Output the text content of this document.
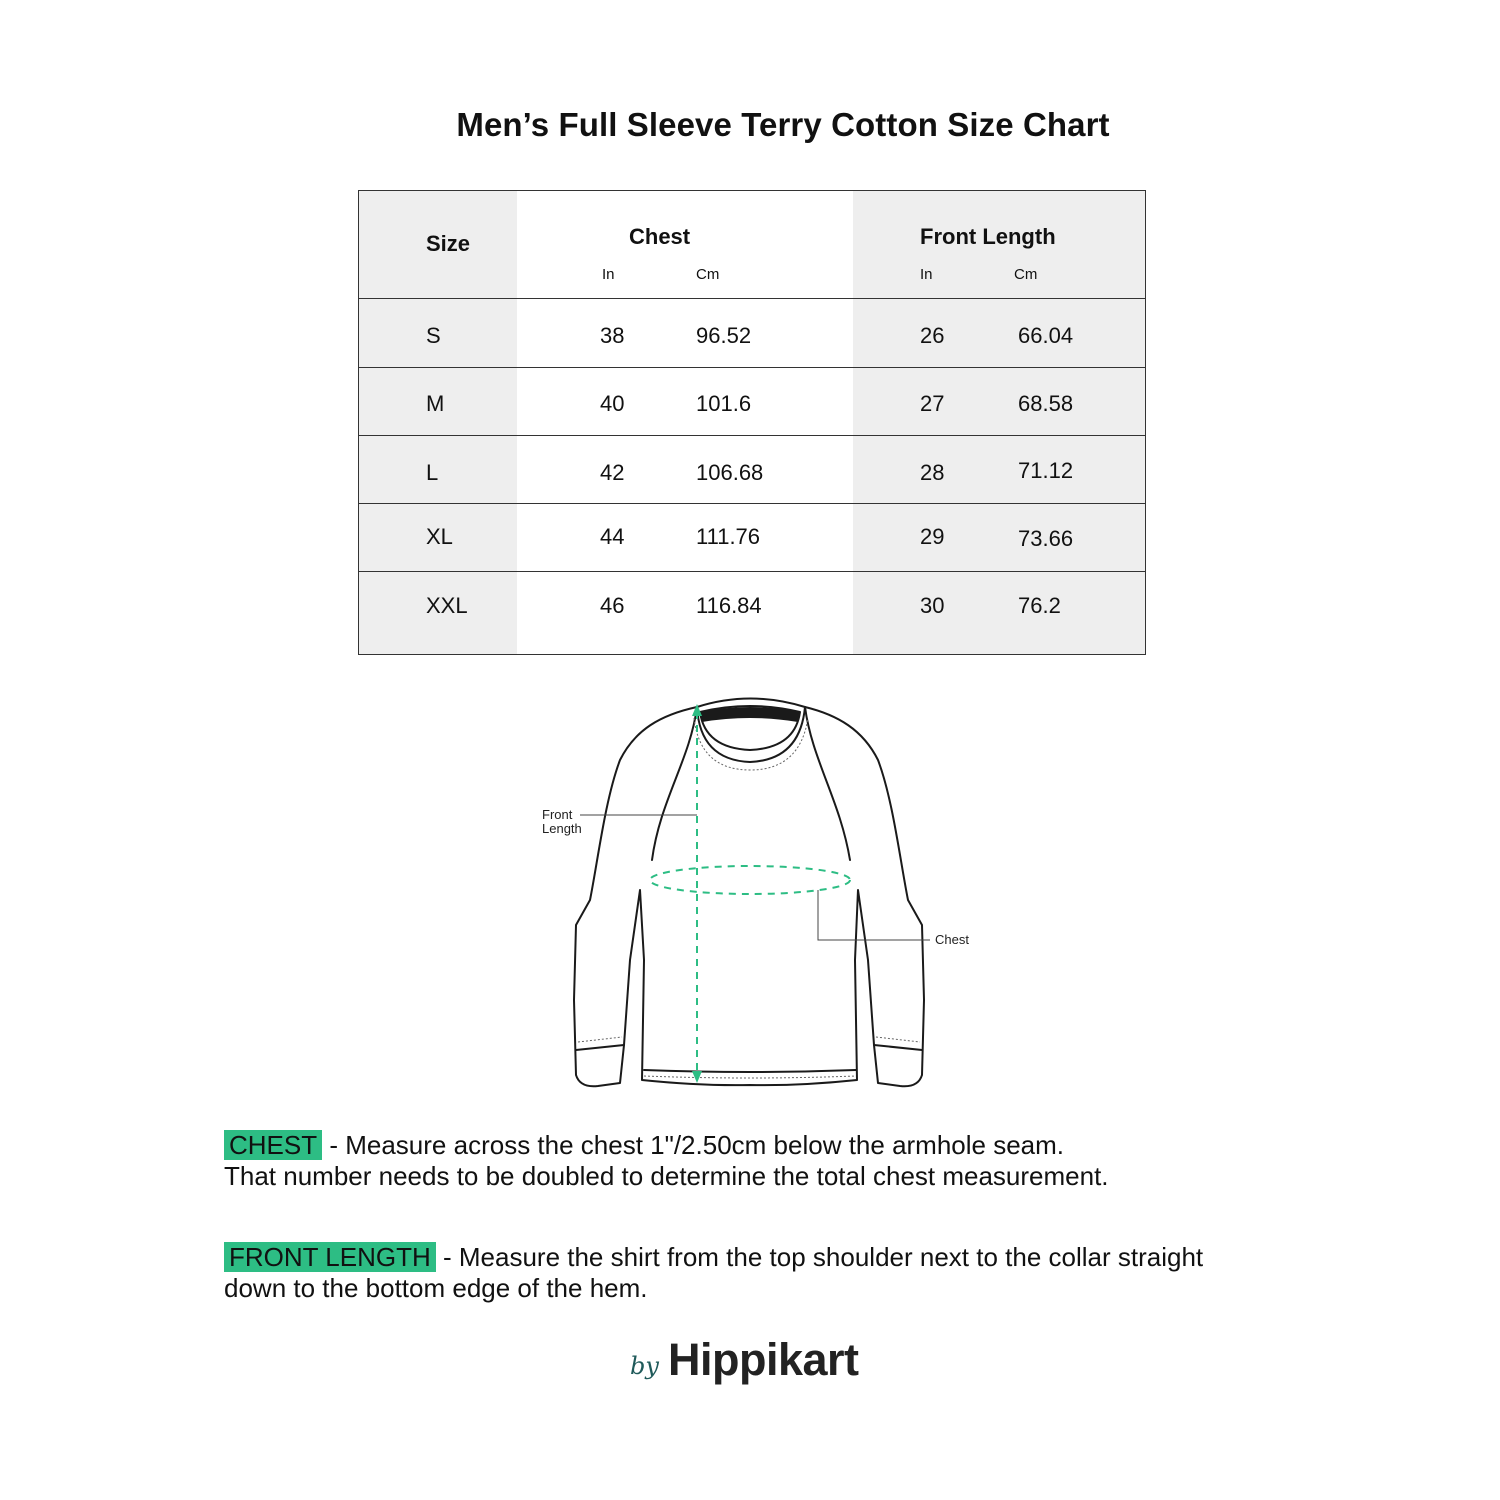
Men’s Full Sleeve Terry Cotton Size Chart
Size	Chest	Front Length
In	Cm	In	Cm
S	38	96.52	26	66.04
M	40	101.6	27	68.58
L	42	106.68	28	71.12
XL	44	111.76	29	73.66
XXL	46	116.84	30	76.2
Front
Length
Chest
CHEST - Measure across the chest 1"/2.50cm below the armhole seam.
That number needs to be doubled to determine the total chest measurement.
FRONT LENGTH - Measure the shirt from the top shoulder next to the collar straight
down to the bottom edge of the hem.
by Hippikart
